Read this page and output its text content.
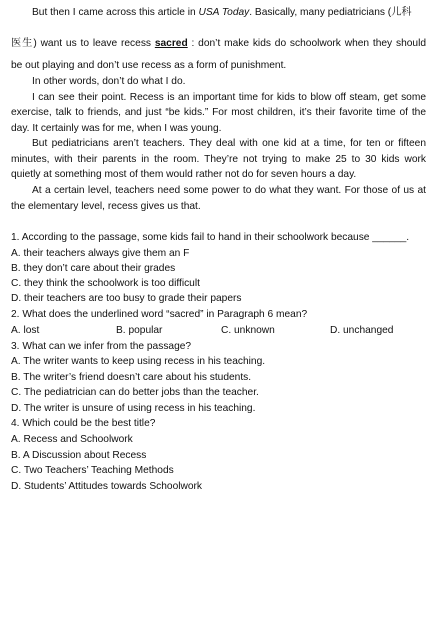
But then I came across this article in USA Today. Basically, many pediatricians (儿科
医生) want us to leave recess sacred : don’t make kids do schoolwork when they should
be out playing and don’t use recess as a form of punishment.
In other words, don’t do what I do.
I can see their point. Recess is an important time for kids to blow off steam, get some
exercise, talk to friends, and just “be kids.” For most children, it’s their favorite time of the
day. It certainly was for me, when I was young.
But pediatricians aren’t teachers. They deal with one kid at a time, for ten or fifteen
minutes, with their parents in the room. They’re not trying to make 25 to 30 kids work
quietly at something most of them would rather not do for seven hours a day.
At a certain level, teachers need some power to do what they want. For those of us at
the elementary level, recess gives us that.
1. According to the passage, some kids fail to hand in their schoolwork because ______.
A. their teachers always give them an F
B. they don’t care about their grades
C. they think the schoolwork is too difficult
D. their teachers are too busy to grade their papers
2. What does the underlined word “sacred” in Paragraph 6 mean?
A. lost	B. popular	C. unknown	D. unchanged
3. What can we infer from the passage?
A. The writer wants to keep using recess in his teaching.
B. The writer’s friend doesn’t care about his students.
C. The pediatrician can do better jobs than the teacher.
D. The writer is unsure of using recess in his teaching.
4. Which could be the best title?
A. Recess and Schoolwork
B. A Discussion about Recess
C. Two Teachers’ Teaching Methods
D. Students’ Attitudes towards Schoolwork
